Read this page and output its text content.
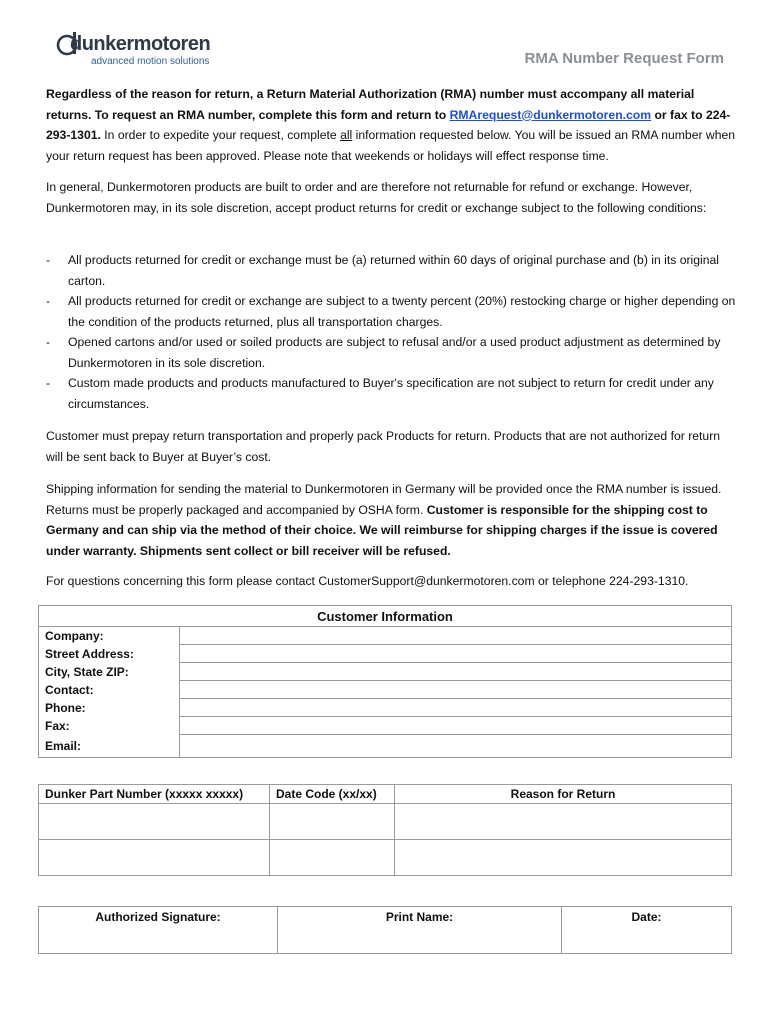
dunkermotoren
advanced motion solutions	RMA Number Request Form

Regardless of the reason for return, a Return Material Authorization (RMA) number must accompany all material returns. To request an RMA number, complete this form and return to RMArequest@dunkermotoren.com or fax to 224-293-1301. In order to expedite your request, complete all information requested below. You will be issued an RMA number when your return request has been approved. Please note that weekends or holidays will effect response time.

In general, Dunkermotoren products are built to order and are therefore not returnable for refund or exchange. However, Dunkermotoren may, in its sole discretion, accept product returns for credit or exchange subject to the following conditions:

- All products returned for credit or exchange must be (a) returned within 60 days of original purchase and (b) in its original carton.
- All products returned for credit or exchange are subject to a twenty percent (20%) restocking charge or higher depending on the condition of the products returned, plus all transportation charges.
- Opened cartons and/or used or soiled products are subject to refusal and/or a used product adjustment as determined by Dunkermotoren in its sole discretion.
- Custom made products and products manufactured to Buyer's specification are not subject to return for credit under any circumstances.

Customer must prepay return transportation and properly pack Products for return. Products that are not authorized for return will be sent back to Buyer at Buyer’s cost.

Shipping information for sending the material to Dunkermotoren in Germany will be provided once the RMA number is issued. Returns must be properly packaged and accompanied by OSHA form. Customer is responsible for the shipping cost to Germany and can ship via the method of their choice. We will reimburse for shipping charges if the issue is covered under warranty. Shipments sent collect or bill receiver will be refused.

For questions concerning this form please contact CustomerSupport@dunkermotoren.com or telephone 224-293-1310.

Customer Information	
Company:	
Street Address:	
City, State ZIP:	
Contact:	
Phone:	
Fax:	
Email:	
Dunker Part Number (xxxxx xxxxx)	Date Code (xx/xx)	Reason for Return

Authorized Signature:	Print Name:	Date:
